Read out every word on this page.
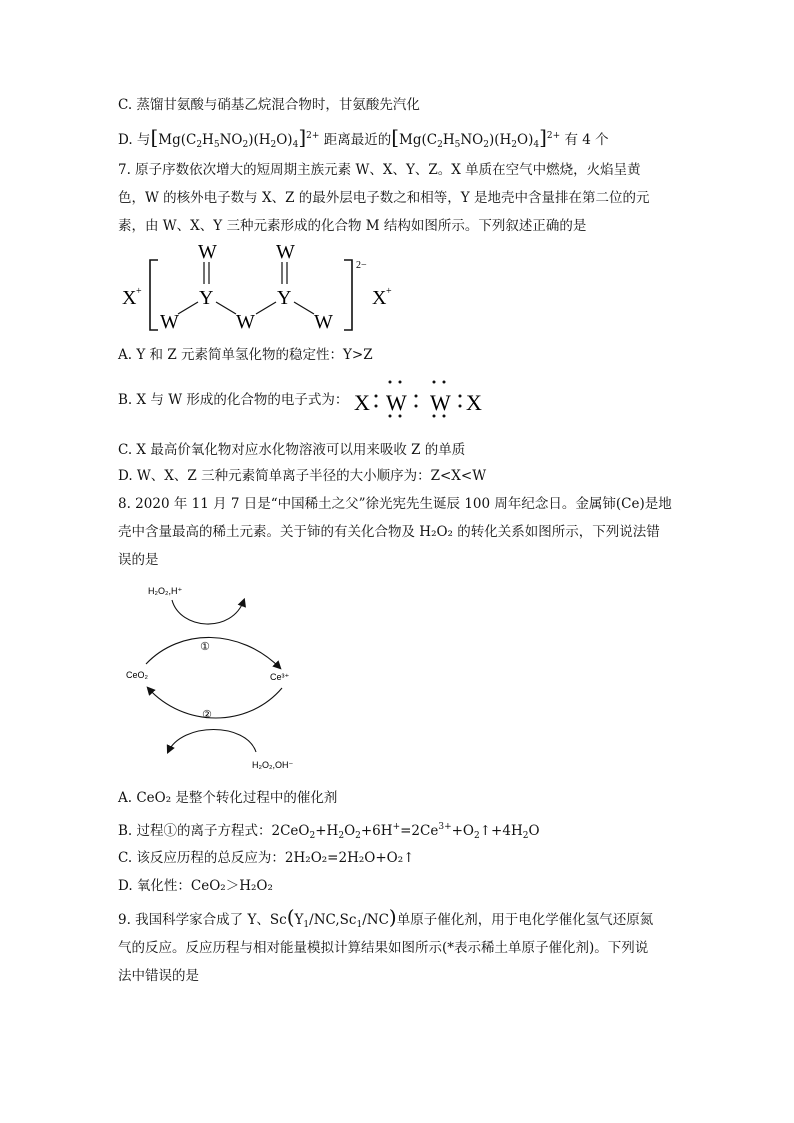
C. 蒸馏甘氨酸与硝基乙烷混合物时，甘氨酸先汽化
D. 与$[Mg(C_2H_5NO_2)(H_2O)_4]^{2+}$ 距离最近的$[Mg(C_2H_5NO_2)(H_2O)_4]^{2+}$ 有 4 个
7. 原子序数依次增大的短周期主族元素 W、X、Y、Z。X 单质在空气中燃烧，火焰呈黄
色，W 的核外电子数与 X、Z 的最外层电子数之和相等，Y 是地壳中含量排在第二位的元
素，由 W、X、Y 三种元素形成的化合物 M 结构如图所示。下列叙述正确的是
X +
2−
X +
W	W
Y	Y
W	W	W
A. Y 和 Z 元素简单氢化物的稳定性：Y>Z
B. X 与 W 形成的化合物的电子式为： X W W X
C. X 最高价氧化物对应水化物溶液可以用来吸收 Z 的单质
D. W、X、Z 三种元素简单离子半径的大小顺序为：Z<X<W
8. 2020 年 11 月 7 日是“中国稀土之父”徐光宪先生诞辰 100 周年纪念日。金属铈(Ce)是地
壳中含量最高的稀土元素。关于铈的有关化合物及 H₂O₂ 的转化关系如图所示，下列说法错
误的是
H₂O₂,H⁺
①
CeO₂	Ce³⁺
②
H₂O₂,OH⁻
A. CeO₂ 是整个转化过程中的催化剂
B. 过程①的离子方程式：$2CeO_2+H_2O_2+6H^+=2Ce^{3+}+O_2↑+4H_2O$
C. 该反应历程的总反应为：2H₂O₂=2H₂O+O₂↑
D. 氧化性：CeO₂＞H₂O₂
9. 我国科学家合成了 Y、$Sc(Y_1/NC,Sc_1/NC)$单原子催化剂，用于电化学催化氢气还原氮
气的反应。反应历程与相对能量模拟计算结果如图所示(*表示稀土单原子催化剂)。下列说
法中错误的是
